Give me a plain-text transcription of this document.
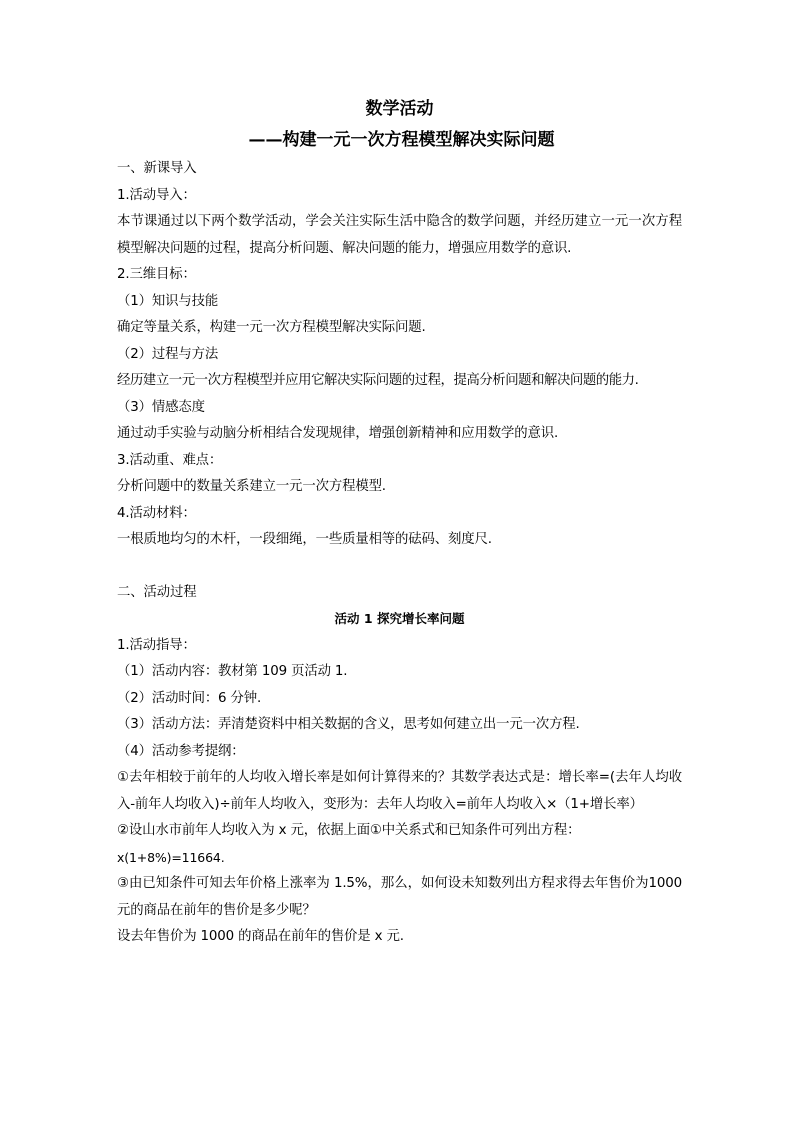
数学活动
——构建一元一次方程模型解决实际问题
一、新课导入
1.活动导入：
本节课通过以下两个数学活动，学会关注实际生活中隐含的数学问题，并经历建立一元一次方程模型解决问题的过程，提高分析问题、解决问题的能力，增强应用数学的意识.
2.三维目标：
（1）知识与技能
确定等量关系，构建一元一次方程模型解决实际问题.
（2）过程与方法
经历建立一元一次方程模型并应用它解决实际问题的过程，提高分析问题和解决问题的能力.
（3）情感态度
通过动手实验与动脑分析相结合发现规律，增强创新精神和应用数学的意识.
3.活动重、难点：
分析问题中的数量关系建立一元一次方程模型.
4.活动材料：
一根质地均匀的木杆，一段细绳，一些质量相等的砝码、刻度尺.
二、活动过程
活动 1 探究增长率问题
1.活动指导：
（1）活动内容：教材第 109 页活动 1.
（2）活动时间：6 分钟.
（3）活动方法：弄清楚资料中相关数据的含义，思考如何建立出一元一次方程.
（4）活动参考提纲：
①去年相较于前年的人均收入增长率是如何计算得来的？其数学表达式是：增长率=(去年人均收入-前年人均收入)÷前年人均收入，变形为：去年人均收入=前年人均收入×（1+增长率）
②设山水市前年人均收入为 x 元，依据上面①中关系式和已知条件可列出方程：
x(1+8%)=11664.
③由已知条件可知去年价格上涨率为 1.5%，那么，如何设未知数列出方程求得去年售价为1000 元的商品在前年的售价是多少呢？
设去年售价为 1000 的商品在前年的售价是 x 元.
